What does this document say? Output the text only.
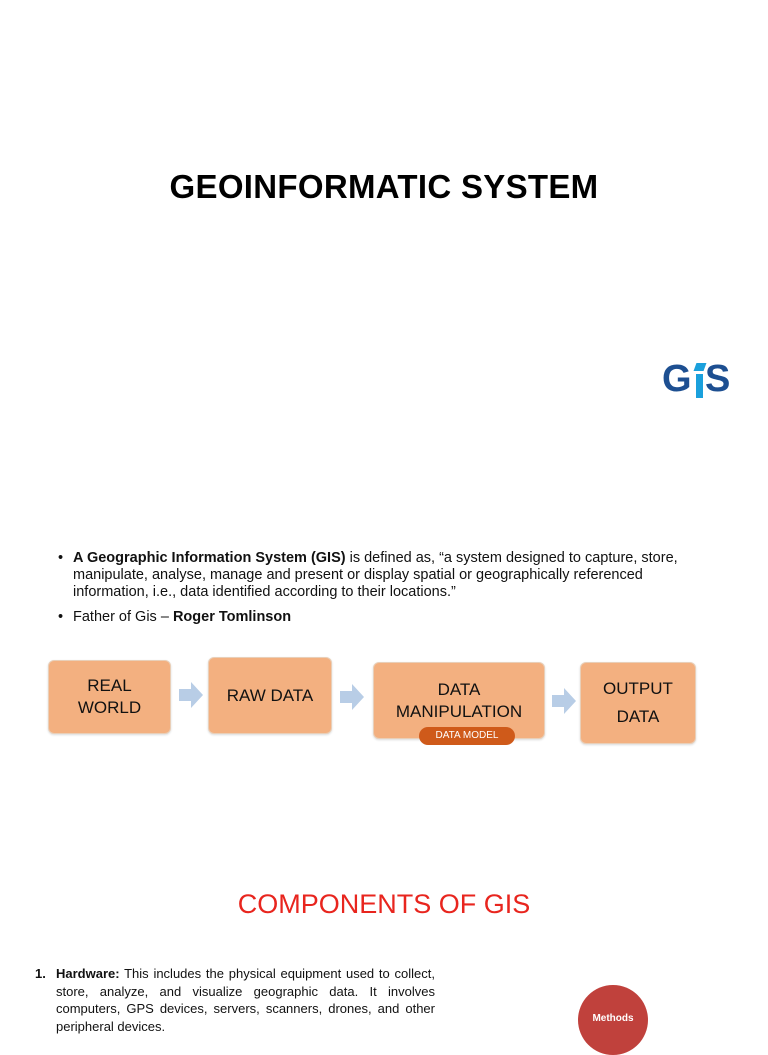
GEOINFORMATIC SYSTEM
G S
• A Geographic Information System (GIS) is defined as, “a system designed to capture, store, manipulate, analyse, manage and present or display spatial or geographically referenced information, i.e., data identified according to their locations.”
• Father of Gis – Roger Tomlinson
REAL
WORLD
RAW DATA	DATA
MANIPULATION
DATA MODEL
OUTPUT
DATA
COMPONENTS OF GIS
1. Hardware: This includes the physical equipment used to collect, store, analyze, and visualize geographic data. It involves computers, GPS devices, servers, scanners, drones, and other peripheral devices.	Methods
